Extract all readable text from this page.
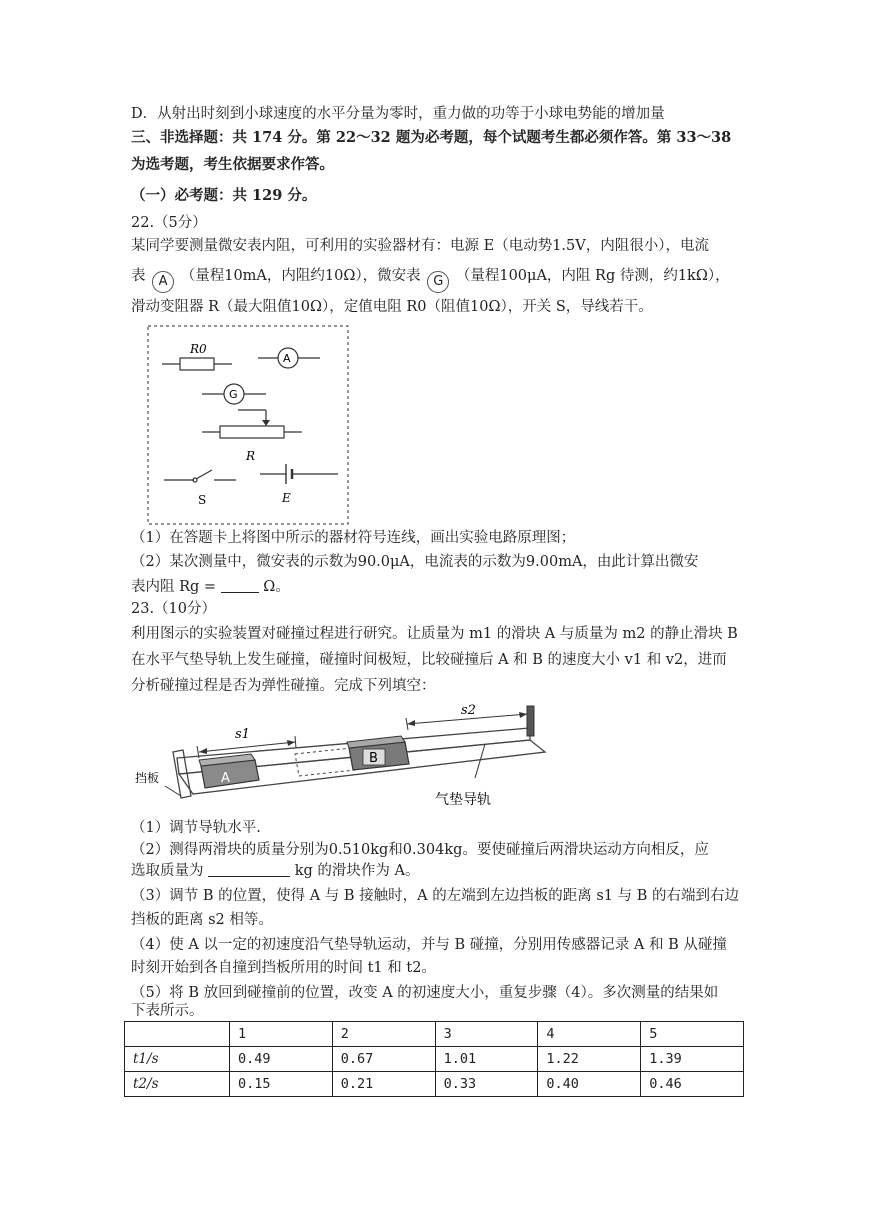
D．从射出时刻到小球速度的水平分量为零时，重力做的功等于小球电势能的增加量
三、非选择题：共 174 分。第 22～32 题为必考题，每个试题考生都必须作答。第 33～38
为选考题，考生依据要求作答。
（一）必考题：共 129 分。
22.（5分）
某同学要测量微安表内阻，可利用的实验器材有：电源 E（电动势1.5V，内阻很小），电流
表 A （量程10mA，内阻约10Ω），微安表 G （量程100μA，内阻 Rg 待测，约1kΩ），
滑动变阻器 R（最大阻值10Ω），定值电阻 R0（阻值10Ω），开关 S，导线若干。
R0
A
G
R
S	E
（1）在答题卡上将图中所示的器材符号连线，画出实验电路原理图；
（2）某次测量中，微安表的示数为90.0μA，电流表的示数为9.00mA，由此计算出微安
表内阻 Rg =	Ω。
23.（10分）
利用图示的实验装置对碰撞过程进行研究。让质量为 m1 的滑块 A 与质量为 m2 的静止滑块 B
在水平气垫导轨上发生碰撞，碰撞时间极短，比较碰撞后 A 和 B 的速度大小 v1 和 v2，进而
分析碰撞过程是否为弹性碰撞。完成下列填空：
A
B
s1
s2
挡板
气垫导轨
（1）调节导轨水平.
（2）测得两滑块的质量分别为0.510kg和0.304kg。要使碰撞后两滑块运动方向相反，应
选取质量为	kg 的滑块作为 A。
（3）调节 B 的位置，使得 A 与 B 接触时，A 的左端到左边挡板的距离 s1 与 B 的右端到右边
挡板的距离 s2 相等。
（4）使 A 以一定的初速度沿气垫导轨运动，并与 B 碰撞，分别用传感器记录 A 和 B 从碰撞
时刻开始到各自撞到挡板所用的时间 t1 和 t2。
（5）将 B 放回到碰撞前的位置，改变 A 的初速度大小，重复步骤（4）。多次测量的结果如
下表所示。
	1	2	3	4	5
t1/s	0.49	0.67	1.01	1.22	1.39
t2/s	0.15	0.21	0.33	0.40	0.46
